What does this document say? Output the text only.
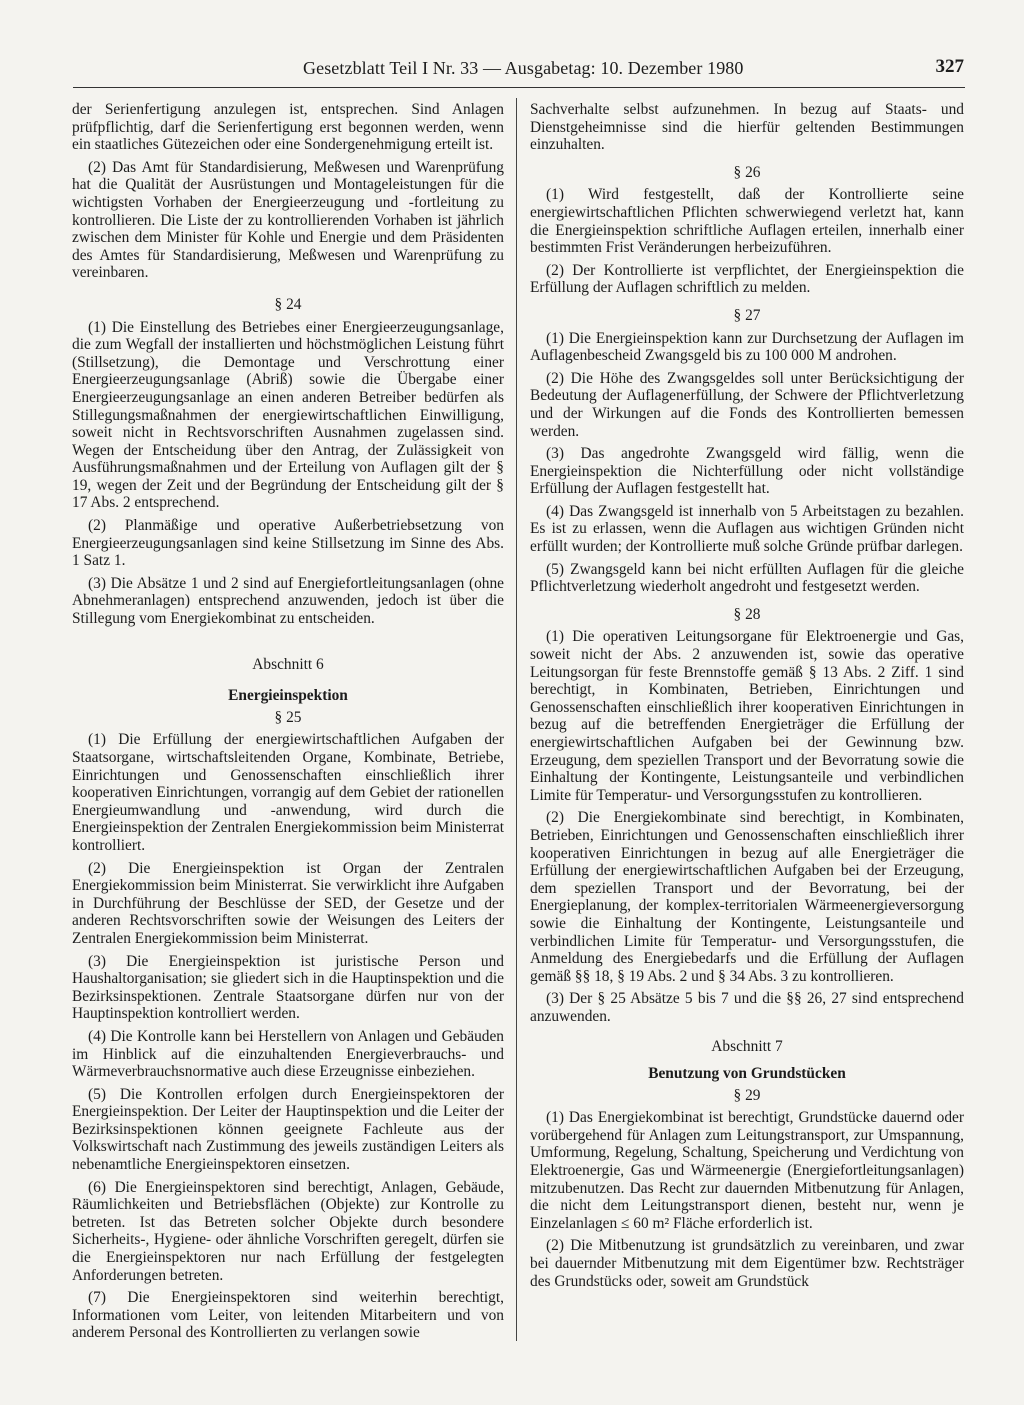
Gesetzblatt Teil I Nr. 33 — Ausgabetag: 10. Dezember 1980	327

der Serienfertigung anzulegen ist, entsprechen. Sind Anlagen prüfpflichtig, darf die Serienfertigung erst begonnen werden, wenn ein staatliches Gütezeichen oder eine Sondergenehmigung erteilt ist.

(2) Das Amt für Standardisierung, Meßwesen und Warenprüfung hat die Qualität der Ausrüstungen und Montageleistungen für die wichtigsten Vorhaben der Energieerzeugung und -fortleitung zu kontrollieren. Die Liste der zu kontrollierenden Vorhaben ist jährlich zwischen dem Minister für Kohle und Energie und dem Präsidenten des Amtes für Standardisierung, Meßwesen und Warenprüfung zu vereinbaren.

§ 24

(1) Die Einstellung des Betriebes einer Energieerzeugungsanlage, die zum Wegfall der installierten und höchstmöglichen Leistung führt (Stillsetzung), die Demontage und Verschrottung einer Energieerzeugungsanlage (Abriß) sowie die Übergabe einer Energieerzeugungsanlage an einen anderen Betreiber bedürfen als Stillegungsmaßnahmen der energiewirtschaftlichen Einwilligung, soweit nicht in Rechtsvorschriften Ausnahmen zugelassen sind. Wegen der Entscheidung über den Antrag, der Zulässigkeit von Ausführungsmaßnahmen und der Erteilung von Auflagen gilt der § 19, wegen der Zeit und der Begründung der Entscheidung gilt der § 17 Abs. 2 entsprechend.

(2) Planmäßige und operative Außerbetriebsetzung von Energieerzeugungsanlagen sind keine Stillsetzung im Sinne des Abs. 1 Satz 1.

(3) Die Absätze 1 und 2 sind auf Energiefortleitungsanlagen (ohne Abnehmeranlagen) entsprechend anzuwenden, jedoch ist über die Stillegung vom Energiekombinat zu entscheiden.

Abschnitt 6
Energieinspektion
§ 25

(1) Die Erfüllung der energiewirtschaftlichen Aufgaben der Staatsorgane, wirtschaftsleitenden Organe, Kombinate, Betriebe, Einrichtungen und Genossenschaften einschließlich ihrer kooperativen Einrichtungen, vorrangig auf dem Gebiet der rationellen Energieumwandlung und -anwendung, wird durch die Energieinspektion der Zentralen Energiekommission beim Ministerrat kontrolliert.

(2) Die Energieinspektion ist Organ der Zentralen Energiekommission beim Ministerrat. Sie verwirklicht ihre Aufgaben in Durchführung der Beschlüsse der SED, der Gesetze und der anderen Rechtsvorschriften sowie der Weisungen des Leiters der Zentralen Energiekommission beim Ministerrat.

(3) Die Energieinspektion ist juristische Person und Haushaltorganisation; sie gliedert sich in die Hauptinspektion und die Bezirksinspektionen. Zentrale Staatsorgane dürfen nur von der Hauptinspektion kontrolliert werden.

(4) Die Kontrolle kann bei Herstellern von Anlagen und Gebäuden im Hinblick auf die einzuhaltenden Energieverbrauchs- und Wärmeverbrauchsnormative auch diese Erzeugnisse einbeziehen.

(5) Die Kontrollen erfolgen durch Energieinspektoren der Energieinspektion. Der Leiter der Hauptinspektion und die Leiter der Bezirksinspektionen können geeignete Fachleute aus der Volkswirtschaft nach Zustimmung des jeweils zuständigen Leiters als nebenamtliche Energieinspektoren einsetzen.

(6) Die Energieinspektoren sind berechtigt, Anlagen, Gebäude, Räumlichkeiten und Betriebsflächen (Objekte) zur Kontrolle zu betreten. Ist das Betreten solcher Objekte durch besondere Sicherheits-, Hygiene- oder ähnliche Vorschriften geregelt, dürfen sie die Energieinspektoren nur nach Erfüllung der festgelegten Anforderungen betreten.

(7) Die Energieinspektoren sind weiterhin berechtigt, Informationen vom Leiter, von leitenden Mitarbeitern und von anderem Personal des Kontrollierten zu verlangen sowie

Sachverhalte selbst aufzunehmen. In bezug auf Staats- und Dienstgeheimnisse sind die hierfür geltenden Bestimmungen einzuhalten.

§ 26

(1) Wird festgestellt, daß der Kontrollierte seine energiewirtschaftlichen Pflichten schwerwiegend verletzt hat, kann die Energieinspektion schriftliche Auflagen erteilen, innerhalb einer bestimmten Frist Veränderungen herbeizuführen.

(2) Der Kontrollierte ist verpflichtet, der Energieinspektion die Erfüllung der Auflagen schriftlich zu melden.

§ 27

(1) Die Energieinspektion kann zur Durchsetzung der Auflagen im Auflagenbescheid Zwangsgeld bis zu 100 000 M androhen.

(2) Die Höhe des Zwangsgeldes soll unter Berücksichtigung der Bedeutung der Auflagenerfüllung, der Schwere der Pflichtverletzung und der Wirkungen auf die Fonds des Kontrollierten bemessen werden.

(3) Das angedrohte Zwangsgeld wird fällig, wenn die Energieinspektion die Nichterfüllung oder nicht vollständige Erfüllung der Auflagen festgestellt hat.

(4) Das Zwangsgeld ist innerhalb von 5 Arbeitstagen zu bezahlen. Es ist zu erlassen, wenn die Auflagen aus wichtigen Gründen nicht erfüllt wurden; der Kontrollierte muß solche Gründe prüfbar darlegen.

(5) Zwangsgeld kann bei nicht erfüllten Auflagen für die gleiche Pflichtverletzung wiederholt angedroht und festgesetzt werden.

§ 28

(1) Die operativen Leitungsorgane für Elektroenergie und Gas, soweit nicht der Abs. 2 anzuwenden ist, sowie das operative Leitungsorgan für feste Brennstoffe gemäß § 13 Abs. 2 Ziff. 1 sind berechtigt, in Kombinaten, Betrieben, Einrichtungen und Genossenschaften einschließlich ihrer kooperativen Einrichtungen in bezug auf die betreffenden Energieträger die Erfüllung der energiewirtschaftlichen Aufgaben bei der Gewinnung bzw. Erzeugung, dem speziellen Transport und der Bevorratung sowie die Einhaltung der Kontingente, Leistungsanteile und verbindlichen Limite für Temperatur- und Versorgungsstufen zu kontrollieren.

(2) Die Energiekombinate sind berechtigt, in Kombinaten, Betrieben, Einrichtungen und Genossenschaften einschließlich ihrer kooperativen Einrichtungen in bezug auf alle Energieträger die Erfüllung der energiewirtschaftlichen Aufgaben bei der Erzeugung, dem speziellen Transport und der Bevorratung, bei der Energieplanung, der komplex-territorialen Wärmeenergieversorgung sowie die Einhaltung der Kontingente, Leistungsanteile und verbindlichen Limite für Temperatur- und Versorgungsstufen, die Anmeldung des Energiebedarfs und die Erfüllung der Auflagen gemäß §§ 18, § 19 Abs. 2 und § 34 Abs. 3 zu kontrollieren.

(3) Der § 25 Absätze 5 bis 7 und die §§ 26, 27 sind entsprechend anzuwenden.

Abschnitt 7
Benutzung von Grundstücken
§ 29

(1) Das Energiekombinat ist berechtigt, Grundstücke dauernd oder vorübergehend für Anlagen zum Leitungstransport, zur Umspannung, Umformung, Regelung, Schaltung, Speicherung und Verdichtung von Elektroenergie, Gas und Wärmeenergie (Energiefortleitungsanlagen) mitzubenutzen. Das Recht zur dauernden Mitbenutzung für Anlagen, die nicht dem Leitungstransport dienen, besteht nur, wenn je Einzelanlagen ≤ 60 m² Fläche erforderlich ist.

(2) Die Mitbenutzung ist grundsätzlich zu vereinbaren, und zwar bei dauernder Mitbenutzung mit dem Eigentümer bzw. Rechtsträger des Grundstücks oder, soweit am Grundstück
